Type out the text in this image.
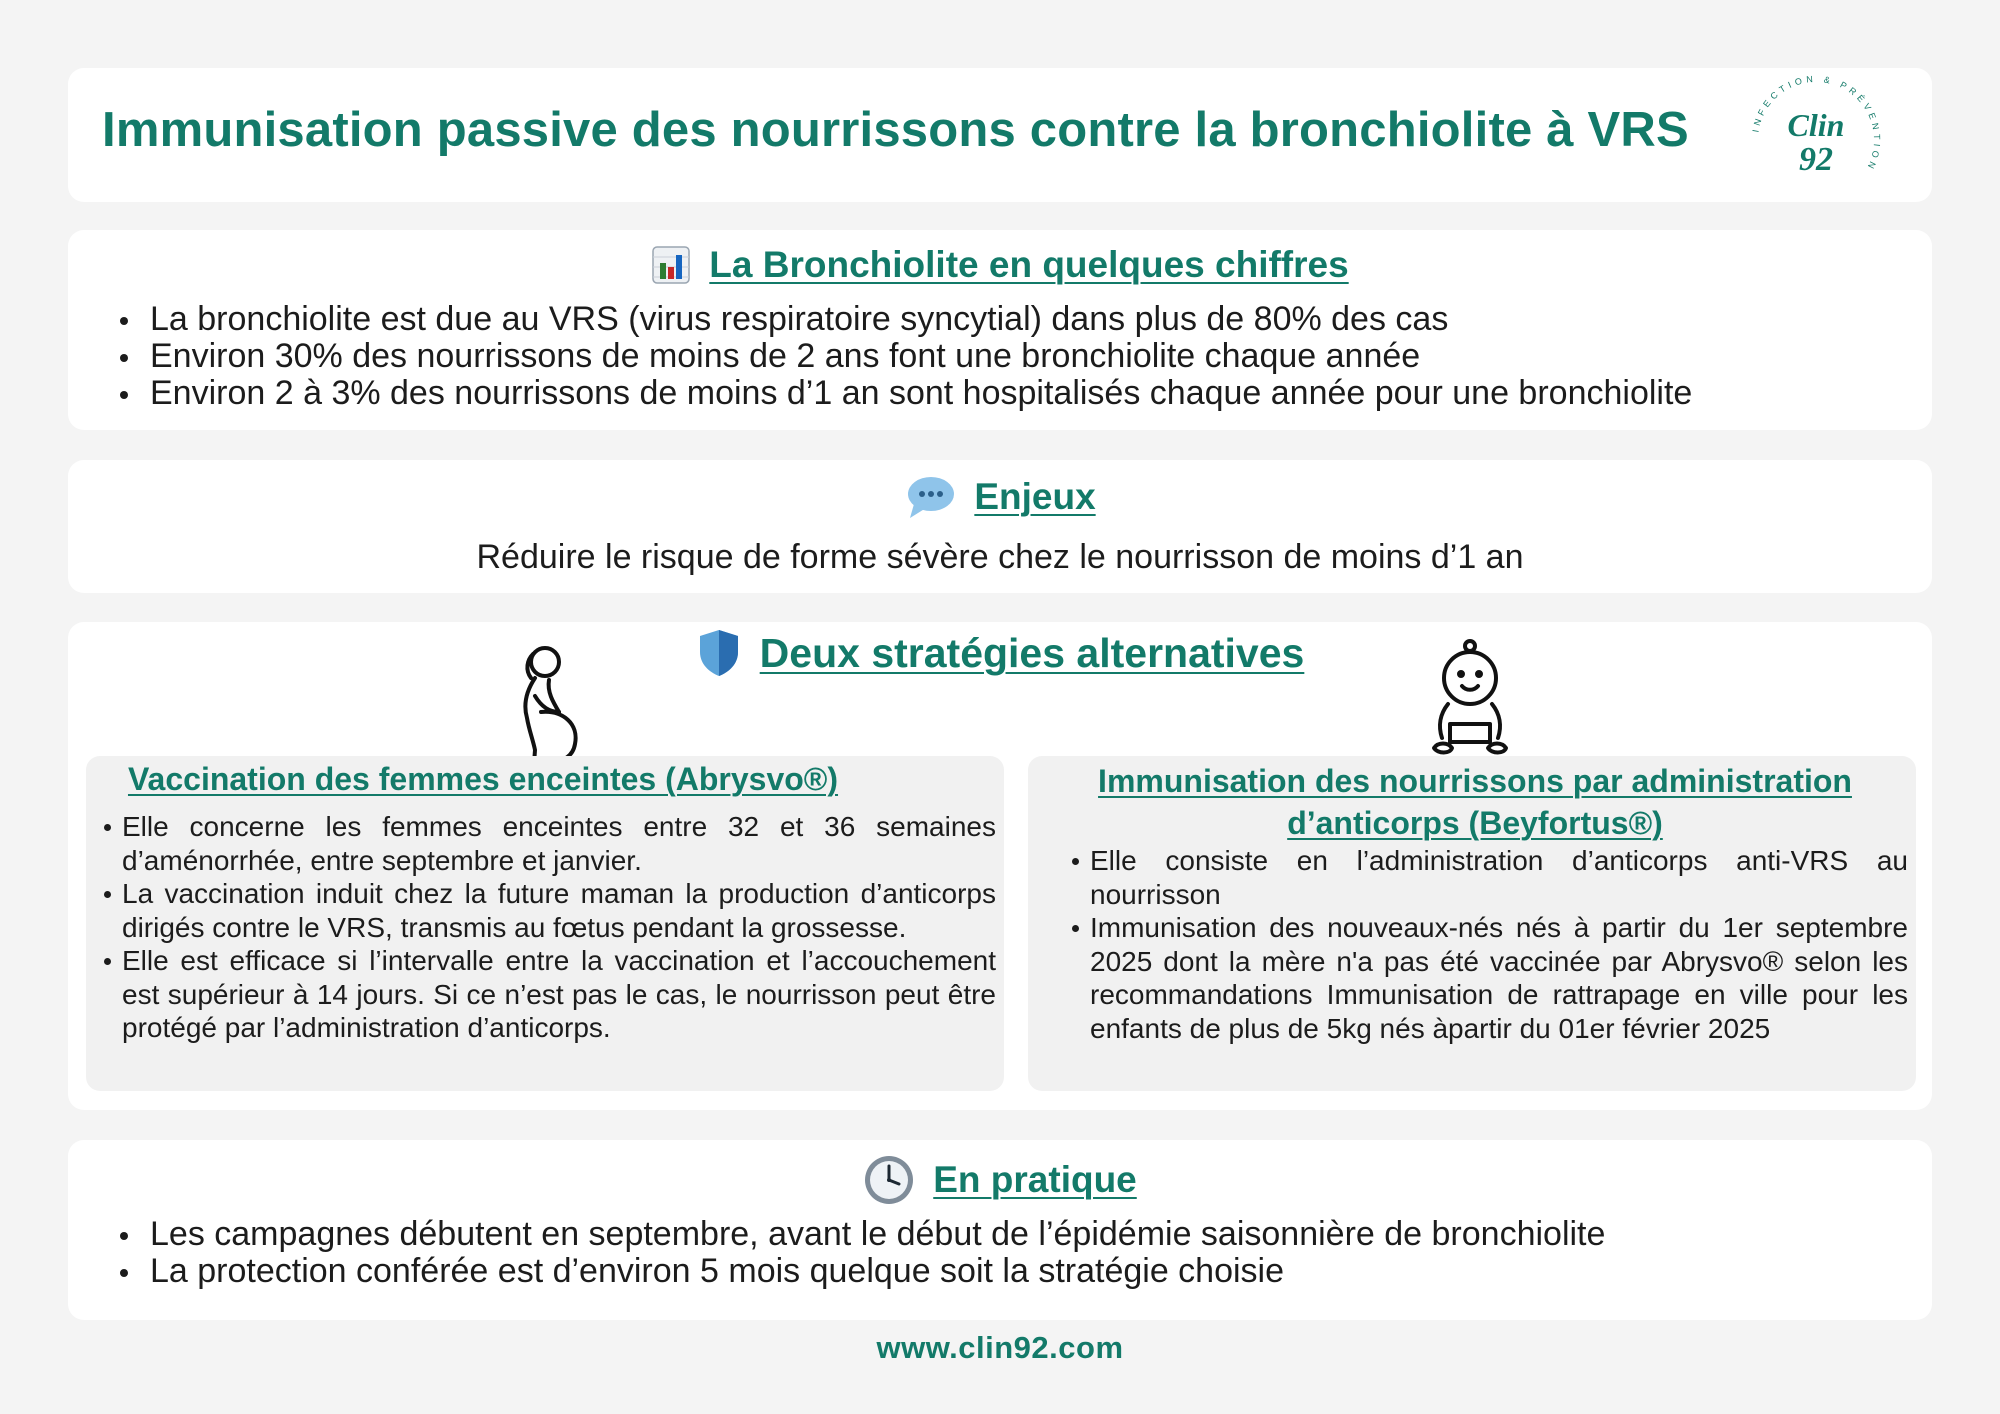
Immunisation passive des nourrissons contre la bronchiolite à VRS	INFECTION & PRÉVENTION
Clin
92
La Bronchiolite en quelques chiffres
La bronchiolite est due au VRS (virus respiratoire syncytial) dans plus de 80% des cas
Environ 30% des nourrissons de moins de 2 ans font une bronchiolite chaque année
Environ 2 à 3% des nourrissons de moins d’1 an sont hospitalisés chaque année pour une bronchiolite
Enjeux
Réduire le risque de forme sévère chez le nourrisson de moins d’1 an
Deux stratégies alternatives
Vaccination des femmes enceintes (Abrysvo®)
Elle concerne les femmes enceintes entre 32 et 36 semaines d’aménorrhée, entre septembre et janvier.
La vaccination induit chez la future maman la production d’anticorps dirigés contre le VRS, transmis au fœtus pendant la grossesse.
Elle est efficace si l’intervalle entre la vaccination et l’accouchement est supérieur à 14 jours. Si ce n’est pas le cas, le nourrisson peut être protégé par l’administration d’anticorps.
Immunisation des nourrissons par administration d’anticorps (Beyfortus®)
Elle consiste en l’administration d’anticorps anti-VRS au nourrisson
Immunisation des nouveaux-nés nés à partir du 1er septembre 2025 dont la mère n'a pas été vaccinée par Abrysvo® selon les recommandations Immunisation de rattrapage en ville pour les enfants de plus de 5kg nés àpartir du 01er février 2025
En pratique
Les campagnes débutent en septembre, avant le début de l’épidémie saisonnière de bronchiolite
La protection conférée est d’environ 5 mois quelque soit la stratégie choisie
www.clin92.com
